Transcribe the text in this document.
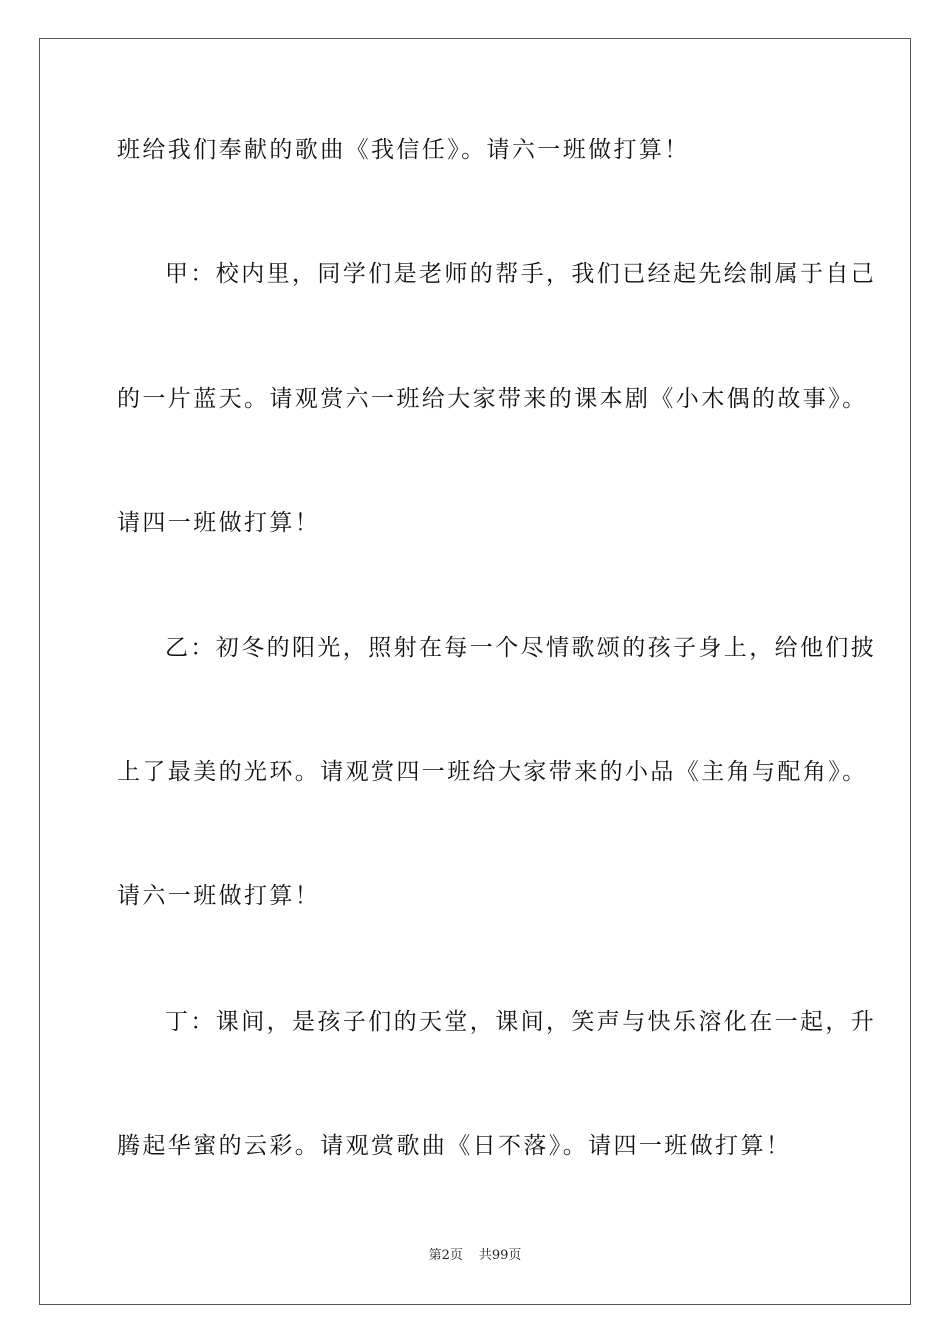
班给我们奉献的歌曲《我信任》。请六一班做打算！
甲：校内里，同学们是老师的帮手，我们已经起先绘制属于自己
的一片蓝天。请观赏六一班给大家带来的课本剧《小木偶的故事》。
请四一班做打算！
乙：初冬的阳光，照射在每一个尽情歌颂的孩子身上，给他们披
上了最美的光环。请观赏四一班给大家带来的小品《主角与配角》。
请六一班做打算！
丁：课间，是孩子们的天堂，课间，笑声与快乐溶化在一起，升
腾起华蜜的云彩。请观赏歌曲《日不落》。请四一班做打算！
第2页 共99页
